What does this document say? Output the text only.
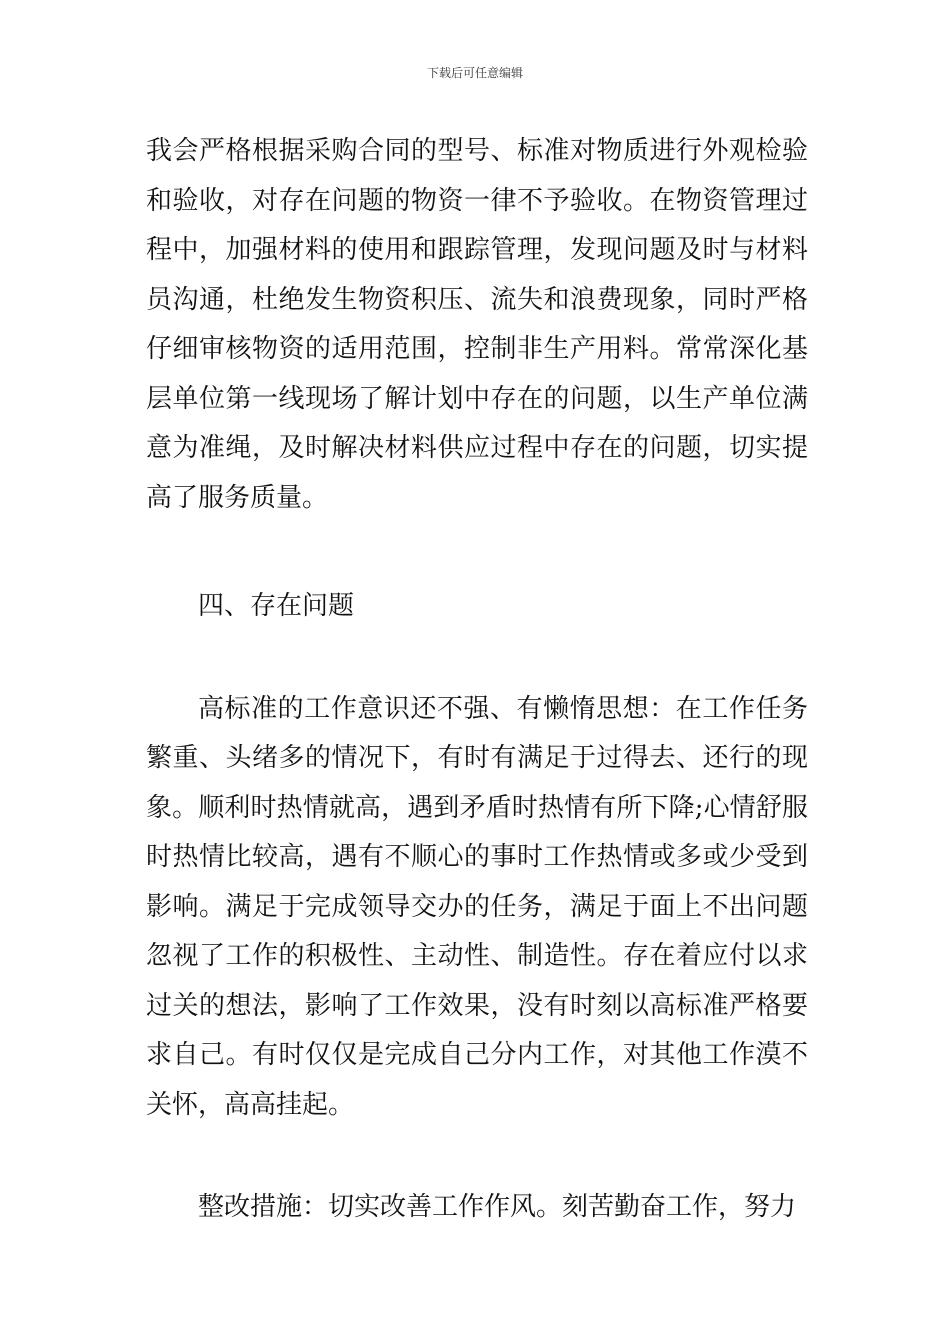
下载后可任意编辑

我会严格根据采购合同的型号、标准对物质进行外观检验和验收，对存在问题的物资一律不予验收。在物资管理过程中，加强材料的使用和跟踪管理，发现问题及时与材料员沟通，杜绝发生物资积压、流失和浪费现象，同时严格仔细审核物资的适用范围，控制非生产用料。常常深化基层单位第一线现场了解计划中存在的问题，以生产单位满意为准绳，及时解决材料供应过程中存在的问题，切实提高了服务质量。

四、存在问题

高标准的工作意识还不强、有懒惰思想：在工作任务繁重、头绪多的情况下，有时有满足于过得去、还行的现象。顺利时热情就高，遇到矛盾时热情有所下降;心情舒服时热情比较高，遇有不顺心的事时工作热情或多或少受到影响。满足于完成领导交办的任务，满足于面上不出问题忽视了工作的积极性、主动性、制造性。存在着应付以求过关的想法，影响了工作效果，没有时刻以高标准严格要求自己。有时仅仅是完成自己分内工作，对其他工作漠不关怀，高高挂起。

整改措施：切实改善工作作风。刻苦勤奋工作，努力
